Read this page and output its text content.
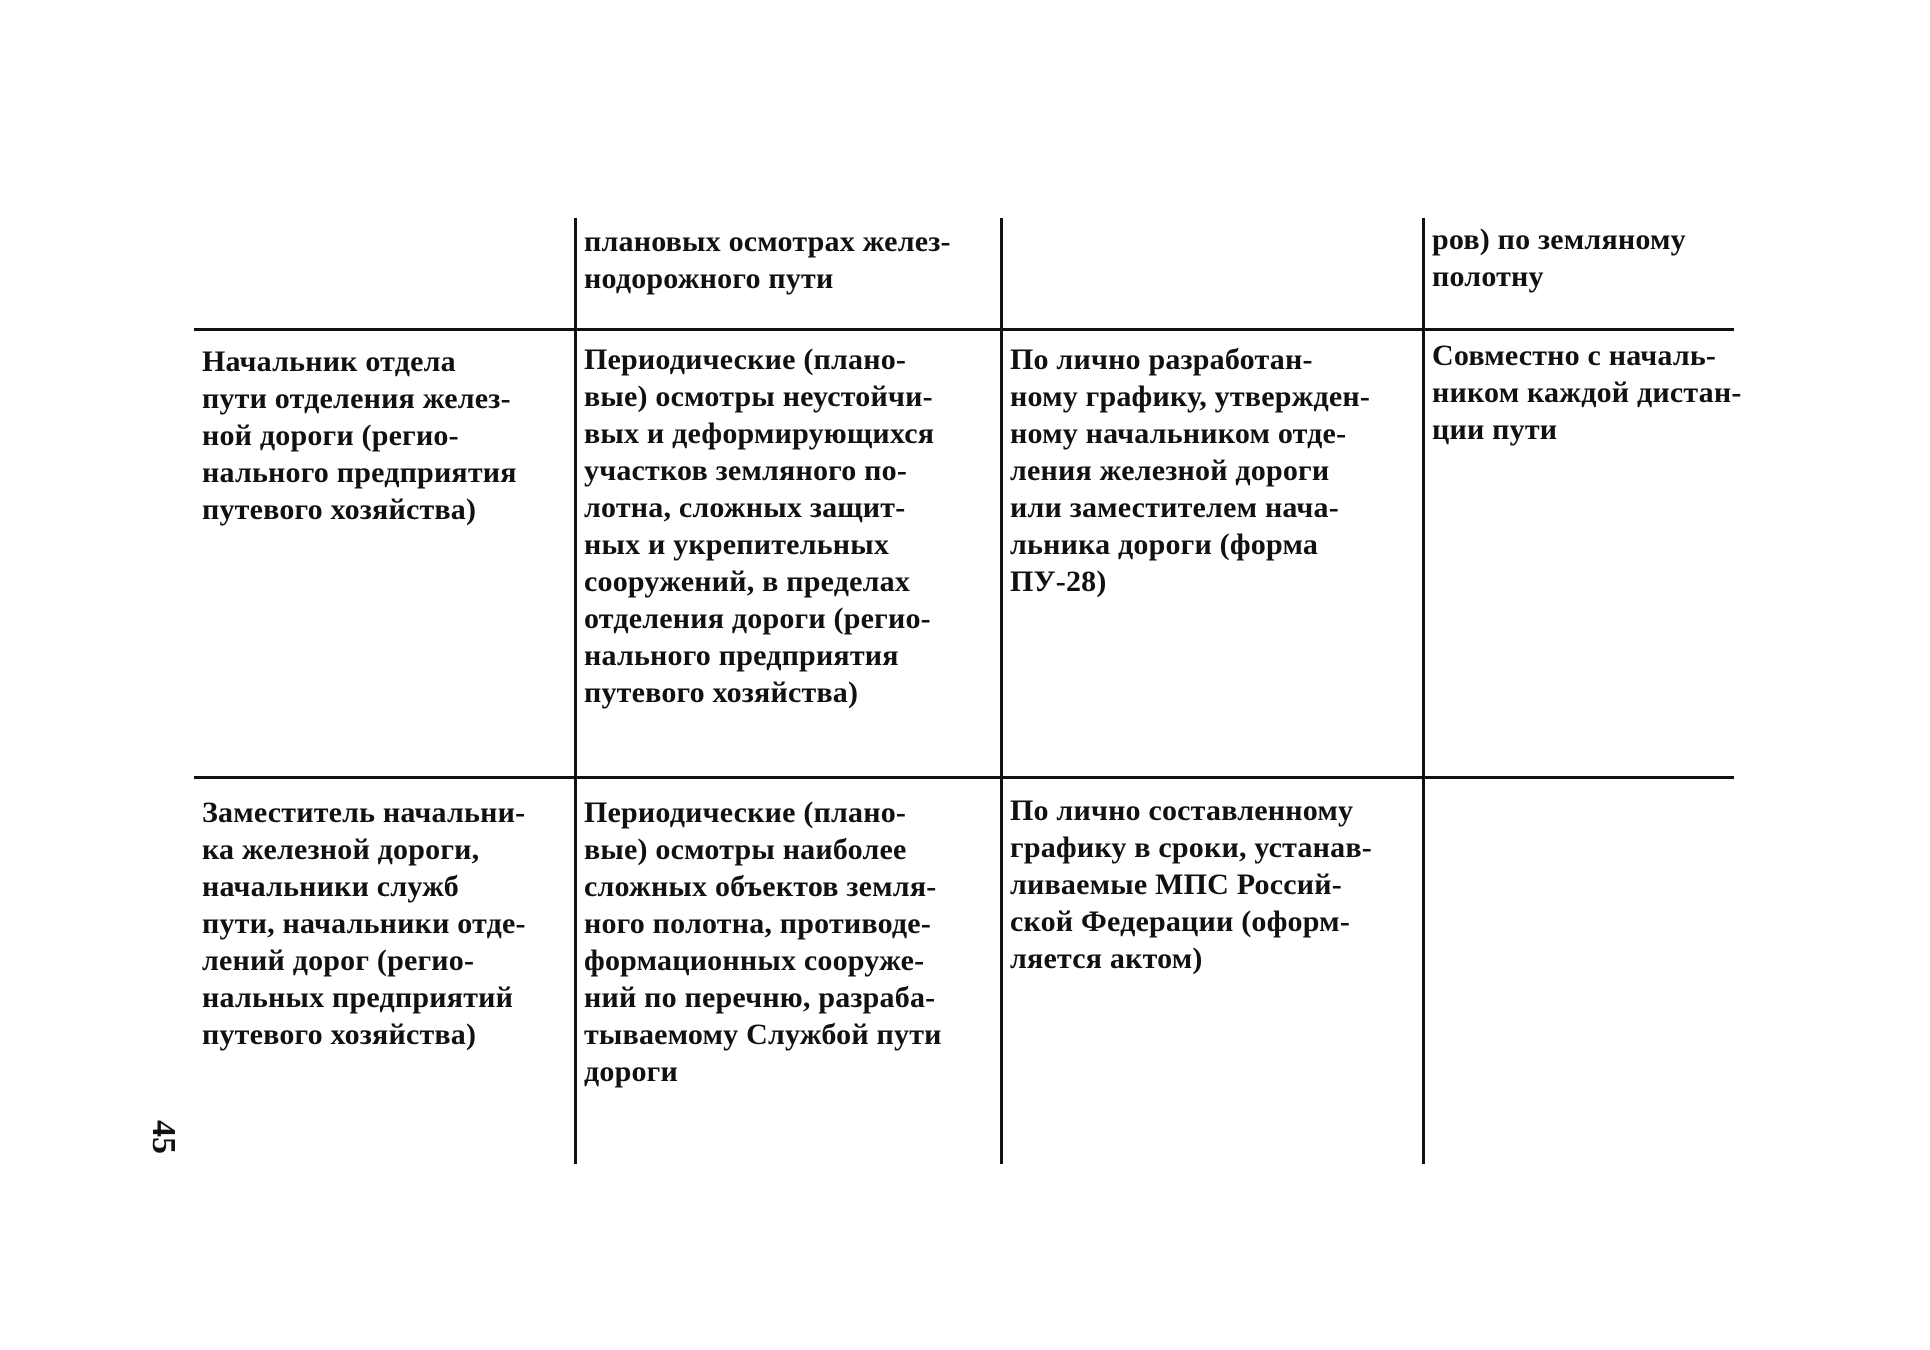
плановых осмотрах желез-
нодорожного пути
ров) по земляному
полотну
Начальник отдела
пути отделения желез-
ной дороги (регио-
нального предприятия
путевого хозяйства)
Периодические (плано-
вые) осмотры неустойчи-
вых и деформирующихся
участков земляного по-
лотна, сложных защит-
ных и укрепительных
сооружений, в пределах
отделения дороги (регио-
нального предприятия
путевого хозяйства)
По лично разработан-
ному графику, утвержден-
ному начальником отде-
ления железной дороги
или заместителем нача-
льника дороги (форма
ПУ-28)
Совместно с началь-
ником каждой дистан-
ции пути
Заместитель начальни-
ка железной дороги,
начальники служб
пути, начальники отде-
лений дорог (регио-
нальных предприятий
путевого хозяйства)
Периодические (плано-
вые) осмотры наиболее
сложных объектов земля-
ного полотна, противоде-
формационных сооруже-
ний по перечню, разраба-
тываемому Службой пути
дороги
По лично составленному
графику в сроки, устанав-
ливаемые МПС Россий-
ской Федерации (оформ-
ляется актом)
45
